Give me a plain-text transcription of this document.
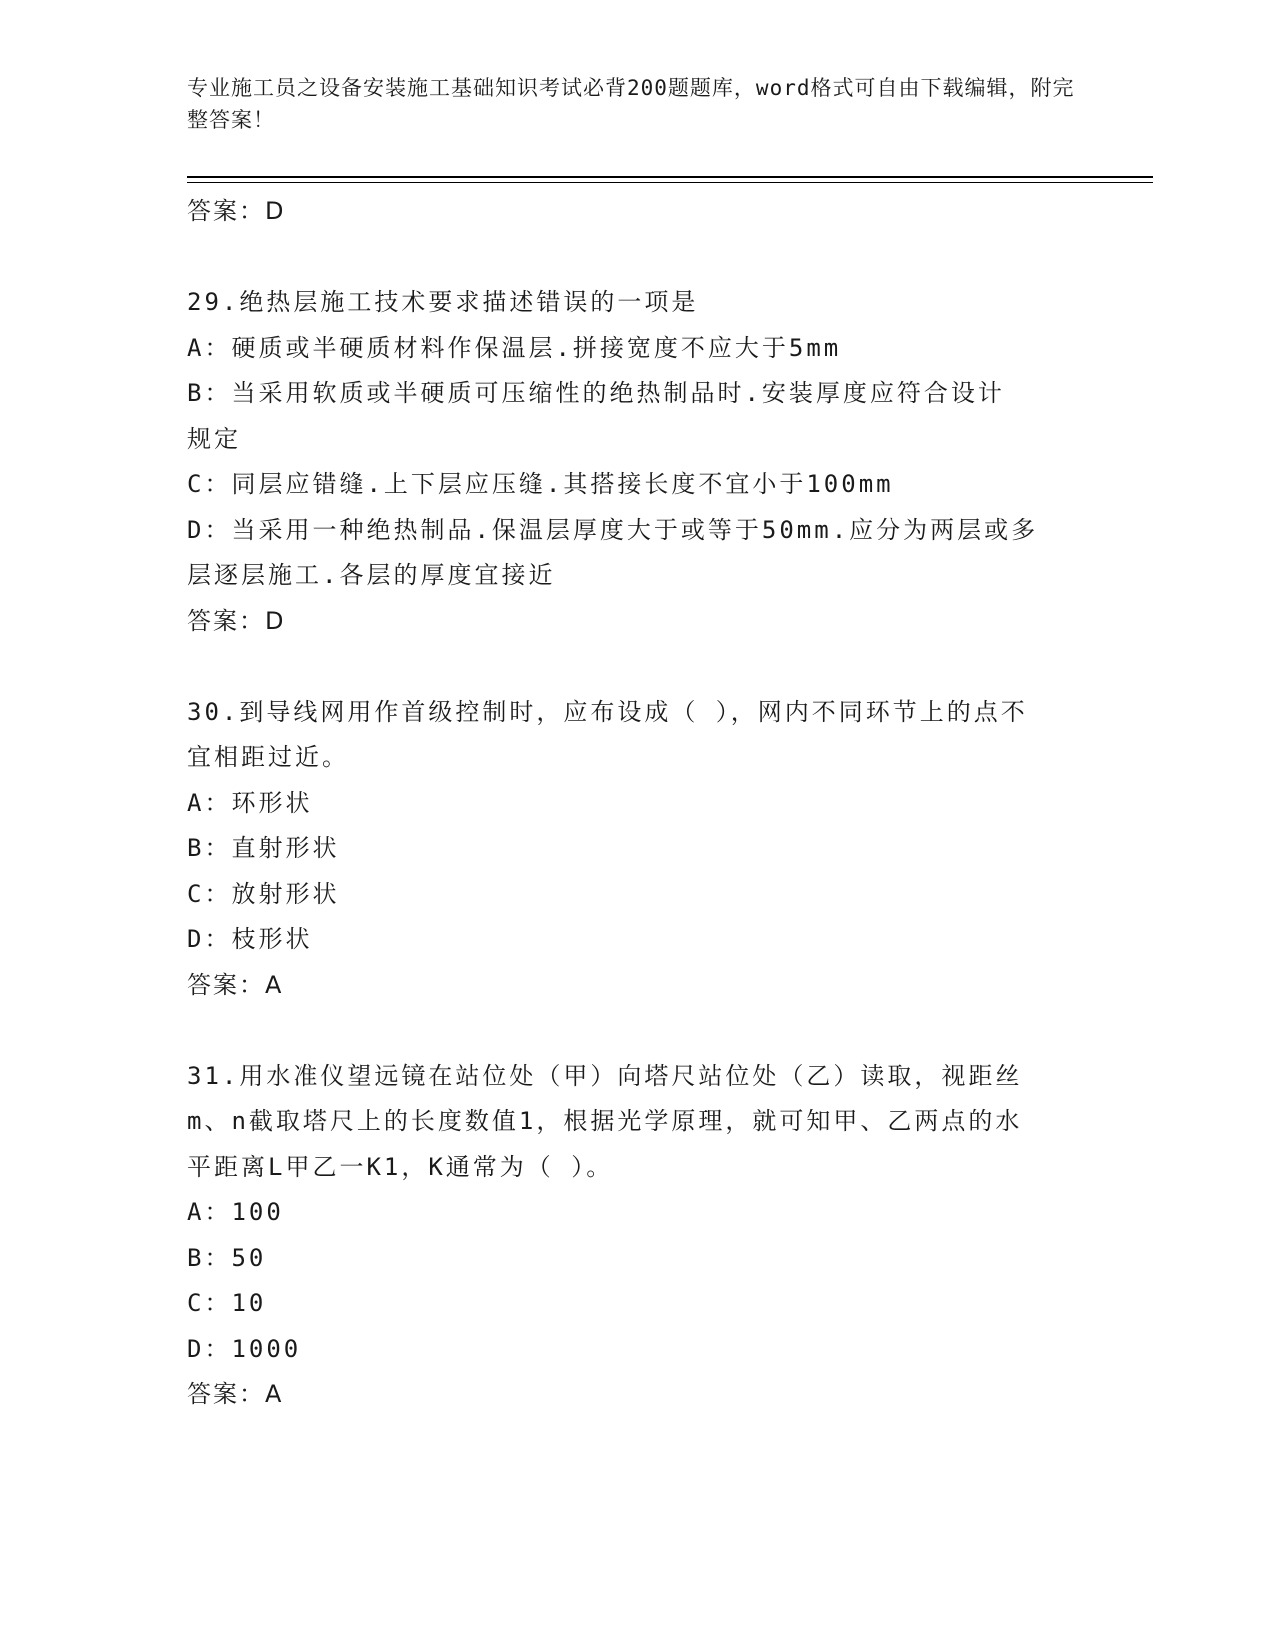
专业施工员之设备安装施工基础知识考试必背200题题库，word格式可自由下载编辑，附完整答案！
答案：D
29.绝热层施工技术要求描述错误的一项是
A：硬质或半硬质材料作保温层.拼接宽度不应大于5mm
B：当采用软质或半硬质可压缩性的绝热制品时.安装厚度应符合设计规定
C：同层应错缝.上下层应压缝.其搭接长度不宜小于100mm
D：当采用一种绝热制品.保温层厚度大于或等于50mm.应分为两层或多层逐层施工.各层的厚度宜接近
答案：D
30.到导线网用作首级控制时，应布设成（ ），网内不同环节上的点不宜相距过近。
A：环形状
B：直射形状
C：放射形状
D：枝形状
答案：A
31.用水准仪望远镜在站位处（甲）向塔尺站位处（乙）读取，视距丝m、n截取塔尺上的长度数值1，根据光学原理，就可知甲、乙两点的水平距离L甲乙一K1，K通常为（ ）。
A：100
B：50
C：10
D：1000
答案：A
